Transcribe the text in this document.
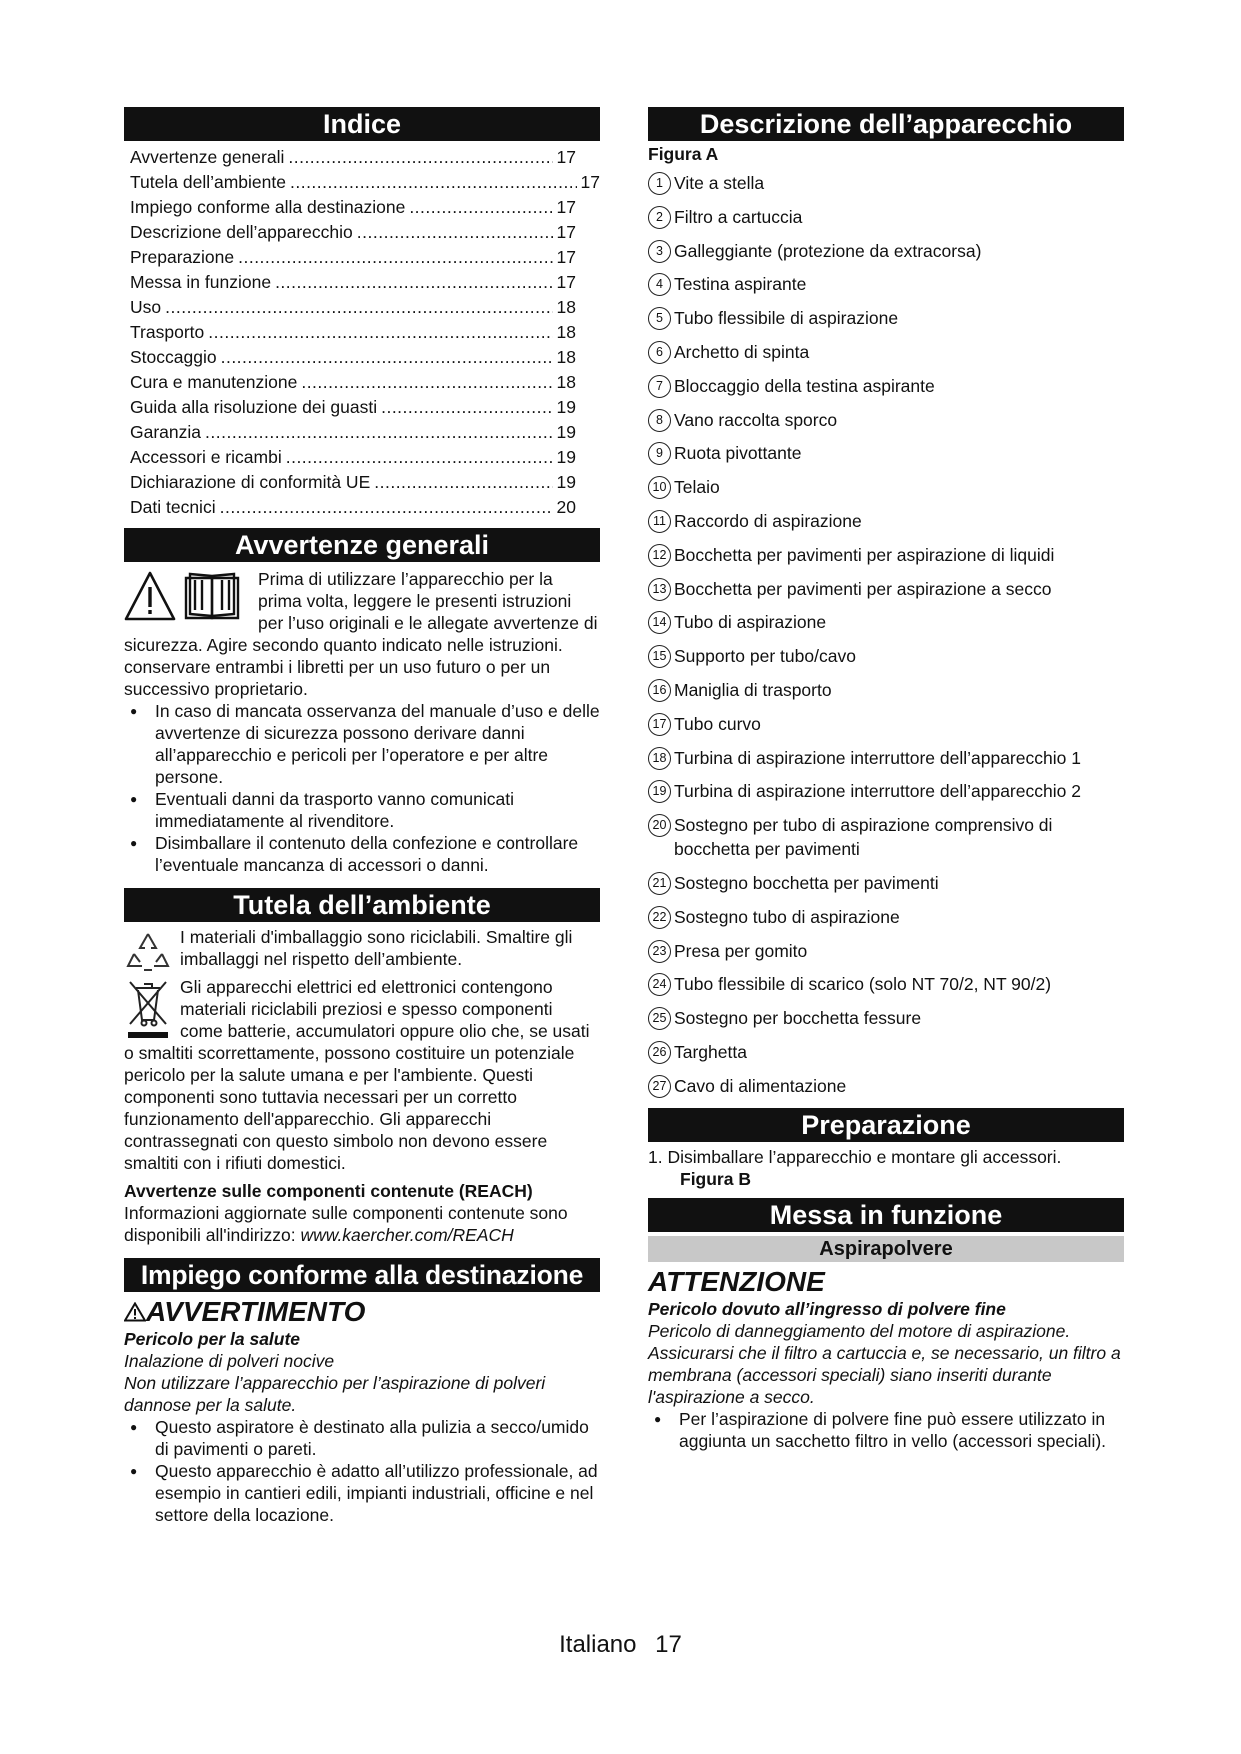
Indice
Avvertenze generali .....	17
Tutela dell’ambiente .....	17
Impiego conforme alla destinazione .....	17
Descrizione dell’apparecchio .....	17
Preparazione .....	17
Messa in funzione .....	17
Uso .....	18
Trasporto .....	18
Stoccaggio .....	18
Cura e manutenzione .....	18
Guida alla risoluzione dei guasti .....	19
Garanzia .....	19
Accessori e ricambi .....	19
Dichiarazione di conformità UE .....	19
Dati tecnici .....	20
Avvertenze generali

Prima di utilizzare l’apparecchio per la prima volta, leggere le presenti istruzioni per l’uso originali e le allegate avvertenze di sicurezza. Agire secondo quanto indicato nelle istruzioni.

conservare entrambi i libretti per un uso futuro o per un successivo proprietario.

● In caso di mancata osservanza del manuale d’uso e delle avvertenze di sicurezza possono derivare danni all’apparecchio e pericoli per l’operatore e per altre persone.
● Eventuali danni da trasporto vanno comunicati immediatamente al rivenditore.
● Disimballare il contenuto della confezione e controllare l’eventuale mancanza di accessori o danni.
Tutela dell’ambiente

I materiali d'imballaggio sono riciclabili. Smaltire gli imballaggi nel rispetto dell’ambiente.

Gli apparecchi elettrici ed elettronici contengono materiali riciclabili preziosi e spesso componenti come batterie, accumulatori oppure olio che, se usati o smaltiti scorrettamente, possono costituire un potenziale pericolo per la salute umana e per l'ambiente. Questi componenti sono tuttavia necessari per un corretto funzionamento dell'apparecchio. Gli apparecchi contrassegnati con questo simbolo non devono essere smaltiti con i rifiuti domestici.

Avvertenze sulle componenti contenute (REACH)

Informazioni aggiornate sulle componenti contenute sono disponibili all'indirizzo: www.kaercher.com/REACH

Impiego conforme alla destinazione
AVVERTIMENTO

Pericolo per la salute

Inalazione di polveri nocive

Non utilizzare l’apparecchio per l’aspirazione di polveri dannose per la salute.

● Questo aspiratore è destinato alla pulizia a secco/umido di pavimenti o pareti.
● Questo apparecchio è adatto all’utilizzo professionale, ad esempio in cantieri edili, impianti industriali, officine e nel settore della locazione.
Descrizione dell’apparecchio

Figura A

1 Vite a stella
2 Filtro a cartuccia
3 Galleggiante (protezione da extracorsa)
4 Testina aspirante
5 Tubo flessibile di aspirazione
6 Archetto di spinta
7 Bloccaggio della testina aspirante
8 Vano raccolta sporco
9 Ruota pivottante
10 Telaio
11 Raccordo di aspirazione
12 Bocchetta per pavimenti per aspirazione di liquidi
13 Bocchetta per pavimenti per aspirazione a secco
14 Tubo di aspirazione
15 Supporto per tubo/cavo
16 Maniglia di trasporto
17 Tubo curvo
18 Turbina di aspirazione interruttore dell’apparecchio 1
19 Turbina di aspirazione interruttore dell’apparecchio 2
20 Sostegno per tubo di aspirazione comprensivo di bocchetta per pavimenti
21 Sostegno bocchetta per pavimenti
22 Sostegno tubo di aspirazione
23 Presa per gomito
24 Tubo flessibile di scarico (solo NT 70/2, NT 90/2)
25 Sostegno per bocchetta fessure
26 Targhetta
27 Cavo di alimentazione
Preparazione

1. Disimballare l’apparecchio e montare gli accessori.

Figura B

Messa in funzione
Aspirapolvere
ATTENZIONE

Pericolo dovuto all’ingresso di polvere fine

Pericolo di danneggiamento del motore di aspirazione. Assicurarsi che il filtro a cartuccia e, se necessario, un filtro a membrana (accessori speciali) siano inseriti durante l'aspirazione a secco.

● Per l’aspirazione di polvere fine può essere utilizzato in aggiunta un sacchetto filtro in vello (accessori speciali).
Italiano 17
